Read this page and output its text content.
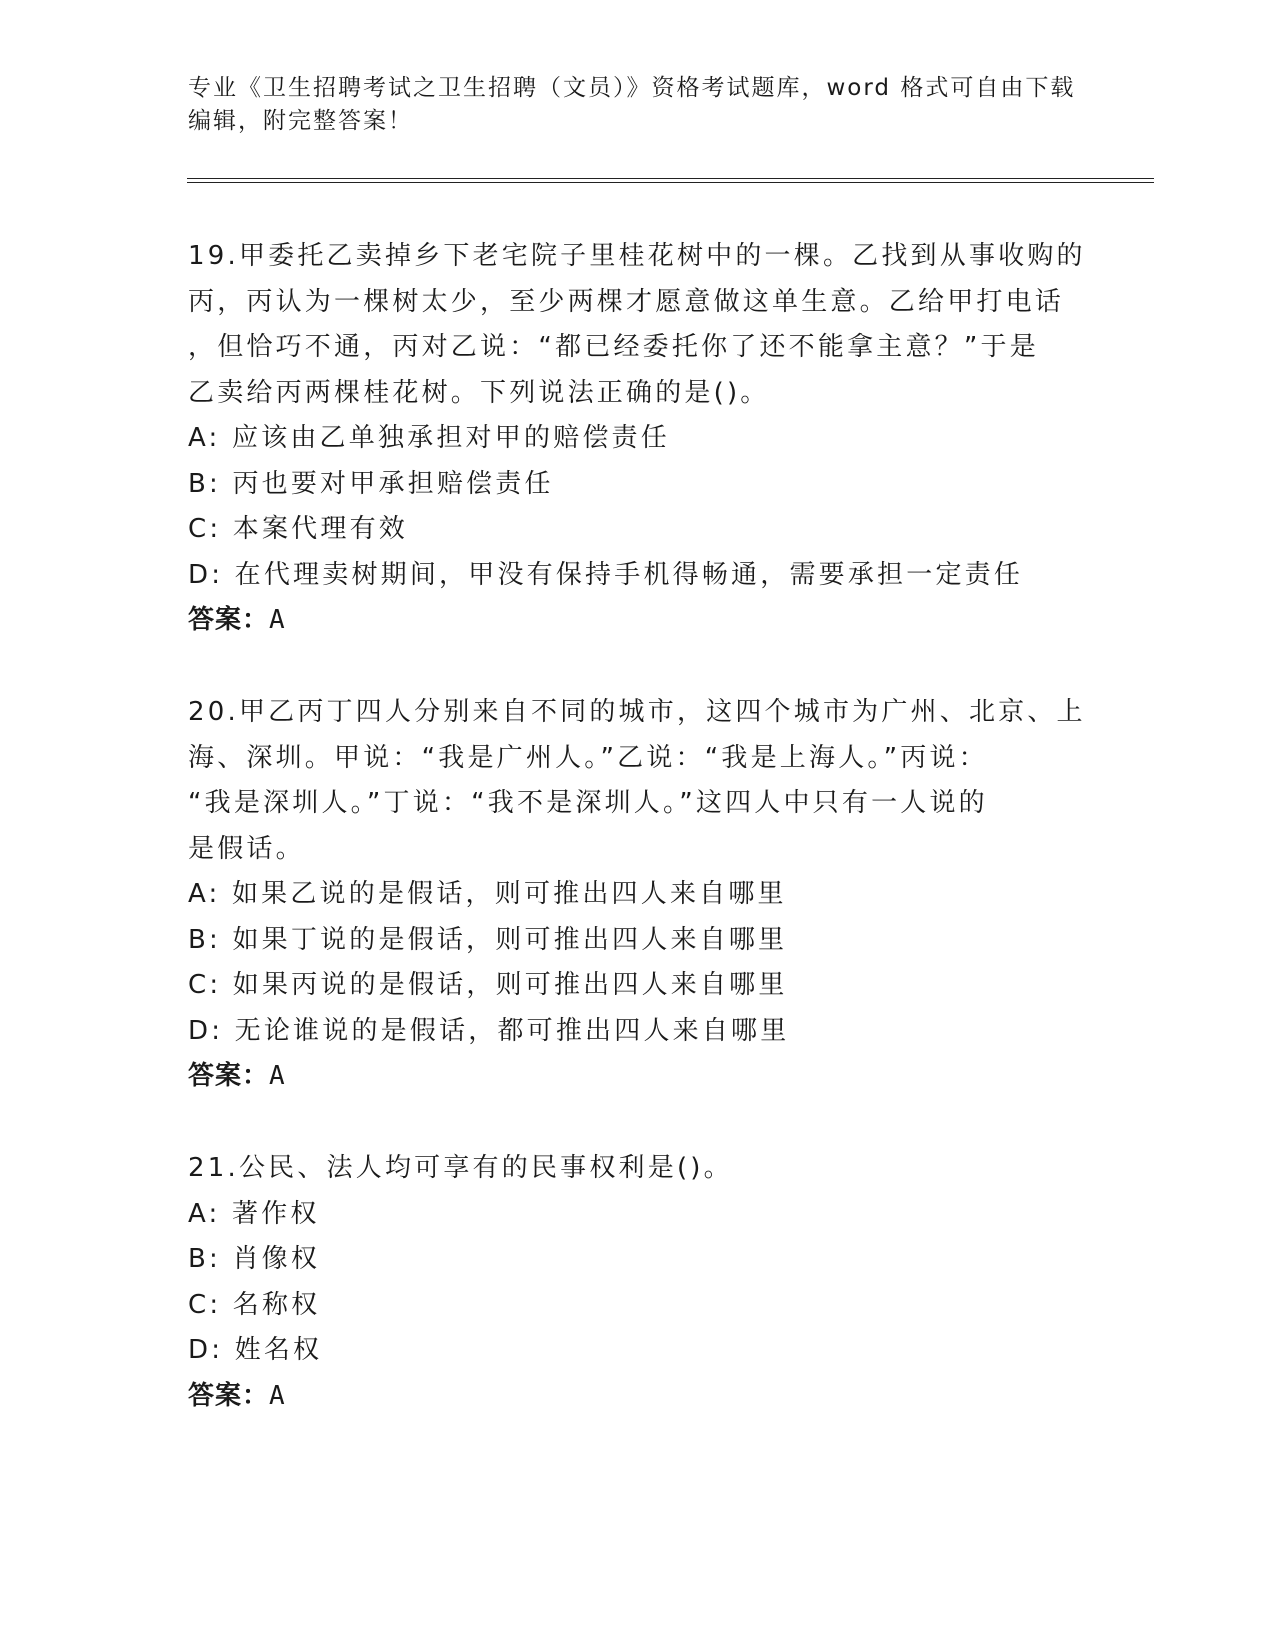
专业《卫生招聘考试之卫生招聘（文员）》资格考试题库，word 格式可自由下载
编辑，附完整答案！

19.甲委托乙卖掉乡下老宅院子里桂花树中的一棵。乙找到从事收购的

丙，丙认为一棵树太少，至少两棵才愿意做这单生意。乙给甲打电话

，但恰巧不通，丙对乙说：“都已经委托你了还不能拿主意？”于是

乙卖给丙两棵桂花树。下列说法正确的是()。

A: 应该由乙单独承担对甲的赔偿责任

B: 丙也要对甲承担赔偿责任

C: 本案代理有效

D: 在代理卖树期间，甲没有保持手机得畅通，需要承担一定责任

答案：A

20.甲乙丙丁四人分别来自不同的城市，这四个城市为广州、北京、上

海、深圳。甲说：“我是广州人。”乙说：“我是上海人。”丙说：

“我是深圳人。”丁说：“我不是深圳人。”这四人中只有一人说的

是假话。

A: 如果乙说的是假话，则可推出四人来自哪里

B: 如果丁说的是假话，则可推出四人来自哪里

C: 如果丙说的是假话，则可推出四人来自哪里

D: 无论谁说的是假话，都可推出四人来自哪里

答案：A

21.公民、法人均可享有的民事权利是()。

A: 著作权

B: 肖像权

C: 名称权

D: 姓名权

答案：A
